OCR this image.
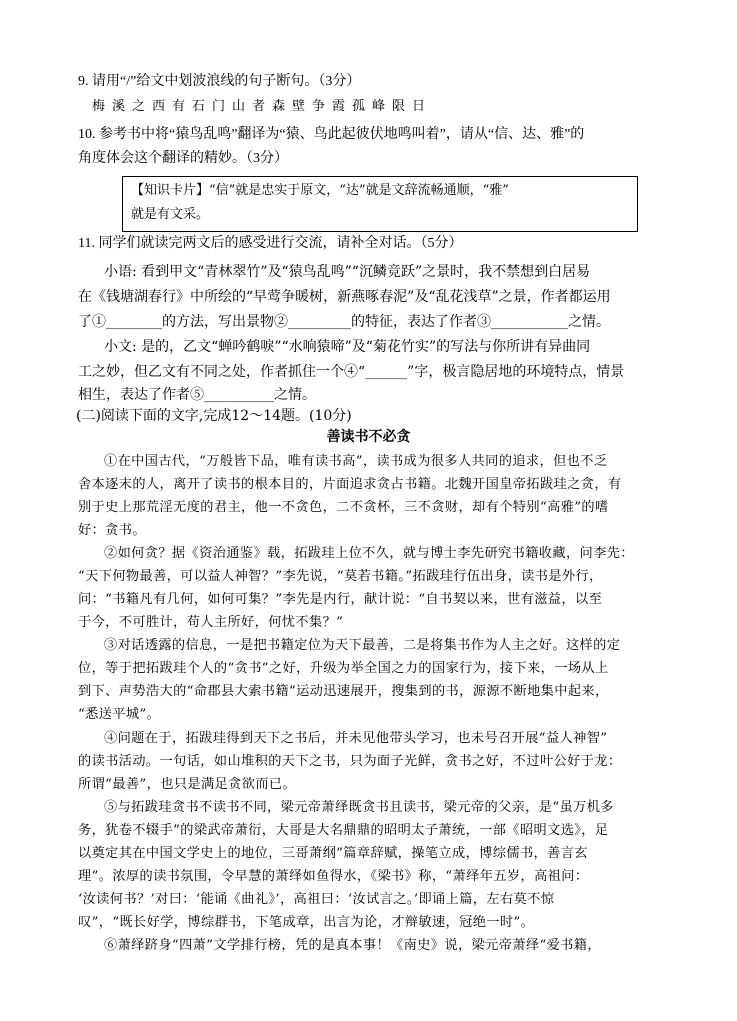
9. 请用“/”给文中划波浪线的句子断句。（3分）
梅溪之西有石门山者森壁争霞孤峰限日
10. 参考书中将“猿鸟乱鸣”翻译为“猿、鸟此起彼伏地鸣叫着”，请从“信、达、雅”的
角度体会这个翻译的精妙。（3分）
【知识卡片】“信”就是忠实于原文，“达”就是文辞流畅通顺，“雅”
就是有文采。
11. 同学们就读完两文后的感受进行交流，请补全对话。（5分）
小语: 看到甲文“青林翠竹”及“猿鸟乱鸣”“沉鳞竞跃”之景时，我不禁想到白居易
在《钱塘湖春行》中所绘的“早莺争暖树，新燕啄春泥”及“乱花浅草”之景，作者都运用
了①________的方法，写出景物②_________的特征，表达了作者③___________之情。
小文: 是的，乙文“蝉吟鹤唳”“水响猿啼”及“菊花竹实”的写法与你所讲有异曲同
工之妙，但乙文有不同之处，作者抓住一个④“______”字，极言隐居地的环境特点，情景
相生，表达了作者⑤__________之情。
(二)阅读下面的文字,完成12～14题。(10分)
善读书不必贪
①在中国古代，“万般皆下品，唯有读书高”，读书成为很多人共同的追求，但也不乏
舍本逐末的人，离开了读书的根本目的，片面追求贪占书籍。北魏开国皇帝拓跋珪之贪，有
别于史上那荒淫无度的君主，他一不贪色，二不贪杯，三不贪财，却有个特别“高雅”的嗜
好：贪书。
②如何贪？据《资治通鉴》载，拓跋珪上位不久，就与博士李先研究书籍收藏，问李先：
“天下何物最善，可以益人神智？”李先说，“莫若书籍。”拓跋珪行伍出身，读书是外行，
问：“书籍凡有几何，如何可集？”李先是内行，献计说：“自书契以来，世有滋益，以至
于今，不可胜计，苟人主所好，何忧不集？”
③对话透露的信息，一是把书籍定位为天下最善，二是将集书作为人主之好。这样的定
位，等于把拓跋珪个人的“贪书”之好，升级为举全国之力的国家行为，接下来，一场从上
到下、声势浩大的“命郡县大索书籍”运动迅速展开，搜集到的书，源源不断地集中起来，
“悉送平城”。
④问题在于，拓跋珪得到天下之书后，并未见他带头学习，也未号召开展“益人神智”
的读书活动。一句话，如山堆积的天下之书，只为面子光鲜，贪书之好，不过叶公好于龙：
所谓“最善”，也只是满足贪欲而已。
⑤与拓跋珪贪书不读书不同，梁元帝萧绎既贪书且读书，梁元帝的父亲，是“虽万机多
务，犹卷不辍手”的梁武帝萧衍，大哥是大名鼎鼎的昭明太子萧统，一部《昭明文选》，足
以奠定其在中国文学史上的地位，三哥萧纲“篇章辞赋，操笔立成，博综儒书，善言玄
理”。浓厚的读书氛围，令早慧的萧绎如鱼得水，《梁书》称，“萧绎年五岁，高祖问：
‘汝读何书？’对曰：‘能诵《曲礼》’，高祖曰：‘汝试言之。’即诵上篇，左右莫不惊
叹”，“既长好学，博综群书，下笔成章，出言为论，才辩敏速，冠绝一时”。
⑥萧绎跻身“四萧”文学排行榜，凭的是真本事！《南史》说，梁元帝萧绎“爱书籍，
